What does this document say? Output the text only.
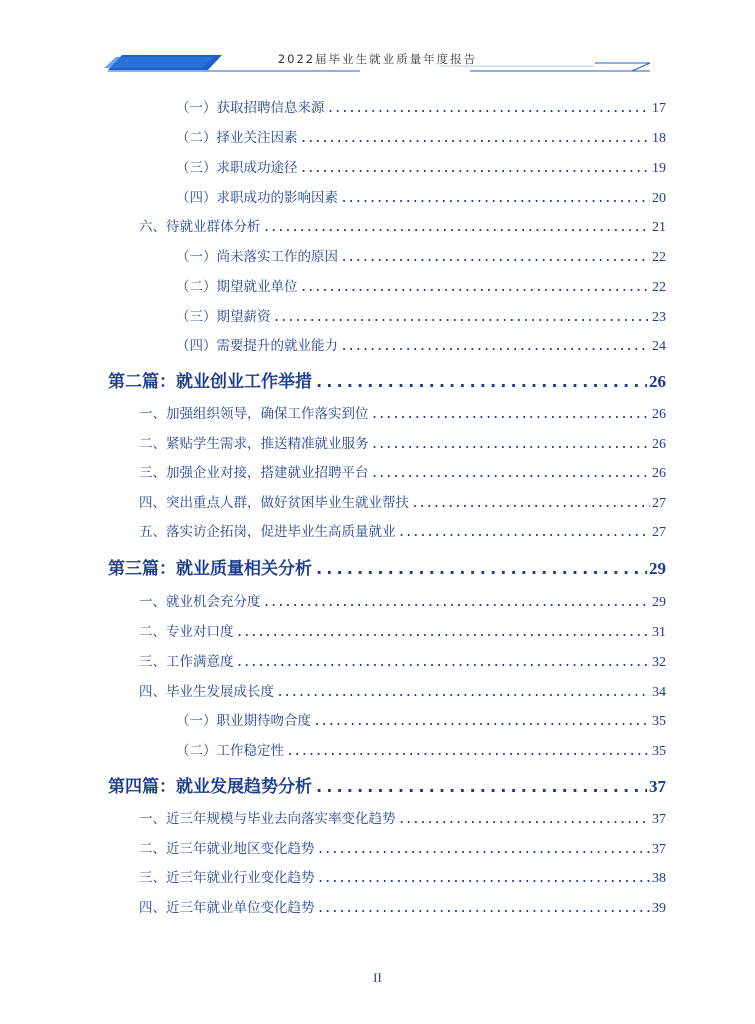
2022届毕业生就业质量年度报告
（一）获取招聘信息来源 .....	17
（二）择业关注因素 .....	18
（三）求职成功途径 .....	19
（四）求职成功的影响因素 .....	20
六、待就业群体分析 .....	21
（一）尚未落实工作的原因 .....	22
（二）期望就业单位 .....	22
（三）期望薪资 .....	23
（四）需要提升的就业能力 .....	24
第二篇：就业创业工作举措 .....	26
一、加强组织领导，确保工作落实到位 .....	26
二、紧贴学生需求，推送精准就业服务 .....	26
三、加强企业对接，搭建就业招聘平台 .....	26
四、突出重点人群，做好贫困毕业生就业帮扶 .....	27
五、落实访企拓岗，促进毕业生高质量就业 .....	27
第三篇：就业质量相关分析 .....	29
一、就业机会充分度 .....	29
二、专业对口度 .....	31
三、工作满意度 .....	32
四、毕业生发展成长度 .....	34
（一）职业期待吻合度 .....	35
（二）工作稳定性 .....	35
第四篇：就业发展趋势分析 .....	37
一、近三年规模与毕业去向落实率变化趋势 .....	37
二、近三年就业地区变化趋势 .....	37
三、近三年就业行业变化趋势 .....	38
四、近三年就业单位变化趋势 .....	39
II
